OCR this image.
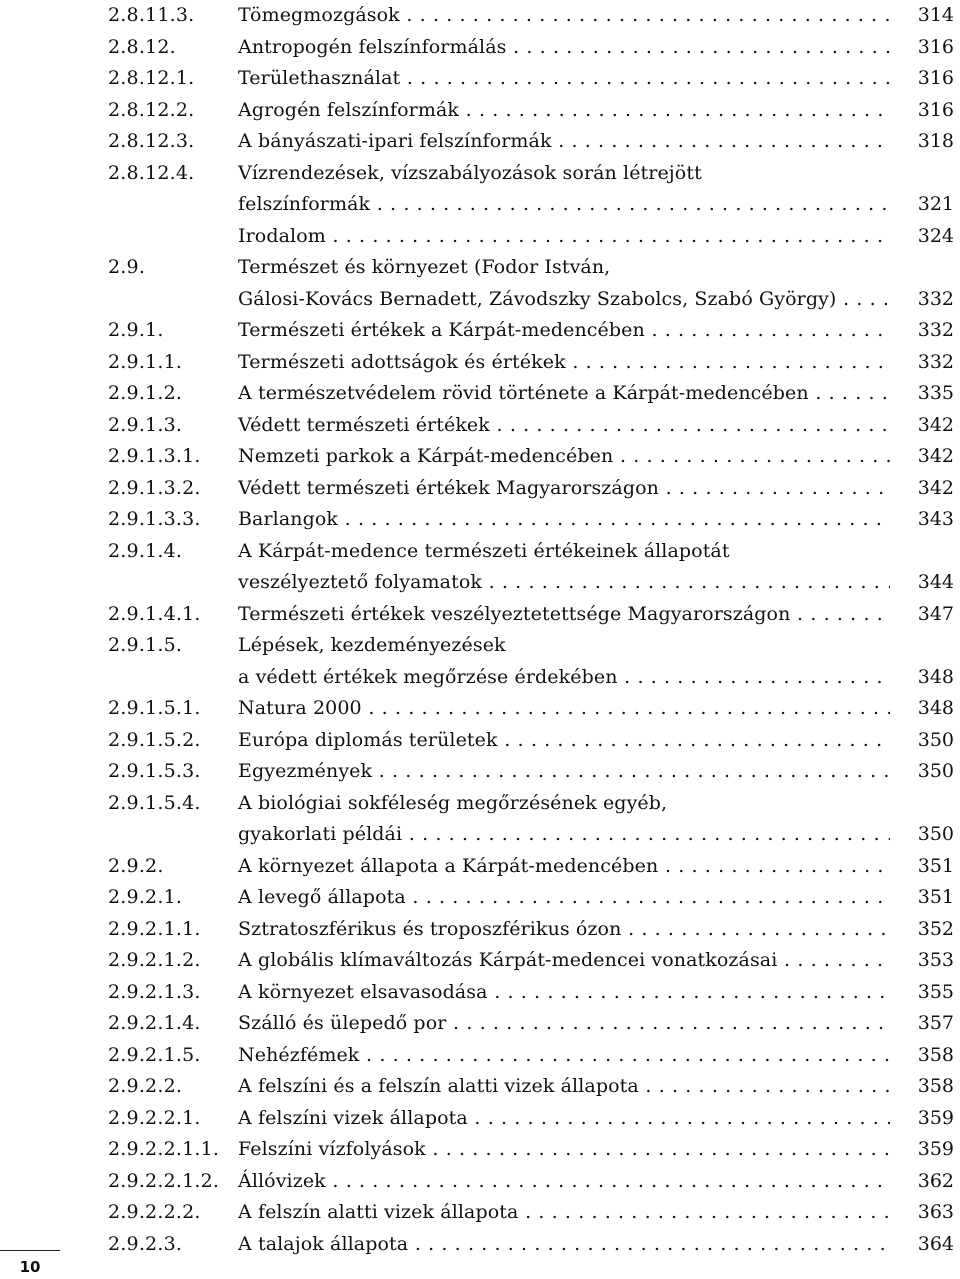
2.8.11.3. Tömegmozgások . . .	314
2.8.12.	Antropogén felszínformálás . . .	316
2.8.12.1. Területhasználat . . .	316
2.8.12.2. Agrogén felszínformák . . .	316
2.8.12.3. A bányászati-ipari felszínformák . . .	318
2.8.12.4. Vízrendezések, vízszabályozások során létrejött
felszínformák . . .	321
Irodalom . . .	324
2.9.	Természet és környezet (Fodor István,
Gálosi-Kovács Bernadett, Závodszky Szabolcs, Szabó György) . . .	332
2.9.1.	Természeti értékek a Kárpát-medencében . . .	332
2.9.1.1.	Természeti adottságok és értékek . . .	332
2.9.1.2.	A természetvédelem rövid története a Kárpát-medencében . . .	335
2.9.1.3.	Védett természeti értékek . . .	342
2.9.1.3.1. Nemzeti parkok a Kárpát-medencében . . .	342
2.9.1.3.2. Védett természeti értékek Magyarországon . . .	342
2.9.1.3.3. Barlangok . . .	343
2.9.1.4.	A Kárpát-medence természeti értékeinek állapotát
veszélyeztető folyamatok . . .	344
2.9.1.4.1. Természeti értékek veszélyeztetettsége Magyarországon . . .	347
2.9.1.5.	Lépések, kezdeményezések
a védett értékek megőrzése érdekében . . .	348
2.9.1.5.1. Natura 2000 . . .	348
2.9.1.5.2. Európa diplomás területek . . .	350
2.9.1.5.3. Egyezmények . . .	350
2.9.1.5.4. A biológiai sokféleség megőrzésének egyéb,
gyakorlati példái . . .	350
2.9.2.	A környezet állapota a Kárpát-medencében . . .	351
2.9.2.1.	A levegő állapota . . .	351
2.9.2.1.1. Sztratoszférikus és troposzférikus ózon . . .	352
2.9.2.1.2. A globális klímaváltozás Kárpát-medencei vonatkozásai . . .	353
2.9.2.1.3. A környezet elsavasodása . . .	355
2.9.2.1.4. Szálló és ülepedő por . . .	357
2.9.2.1.5. Nehézfémek . . .	358
2.9.2.2.	A felszíni és a felszín alatti vizek állapota . . .	358
2.9.2.2.1. A felszíni vizek állapota . . .	359
2.9.2.2.1.1. Felszíni vízfolyások . . .	359
2.9.2.2.1.2. Állóvizek . . .	362
2.9.2.2.2. A felszín alatti vizek állapota . . .	363
2.9.2.3.	A talajok állapota . . .	364
10
